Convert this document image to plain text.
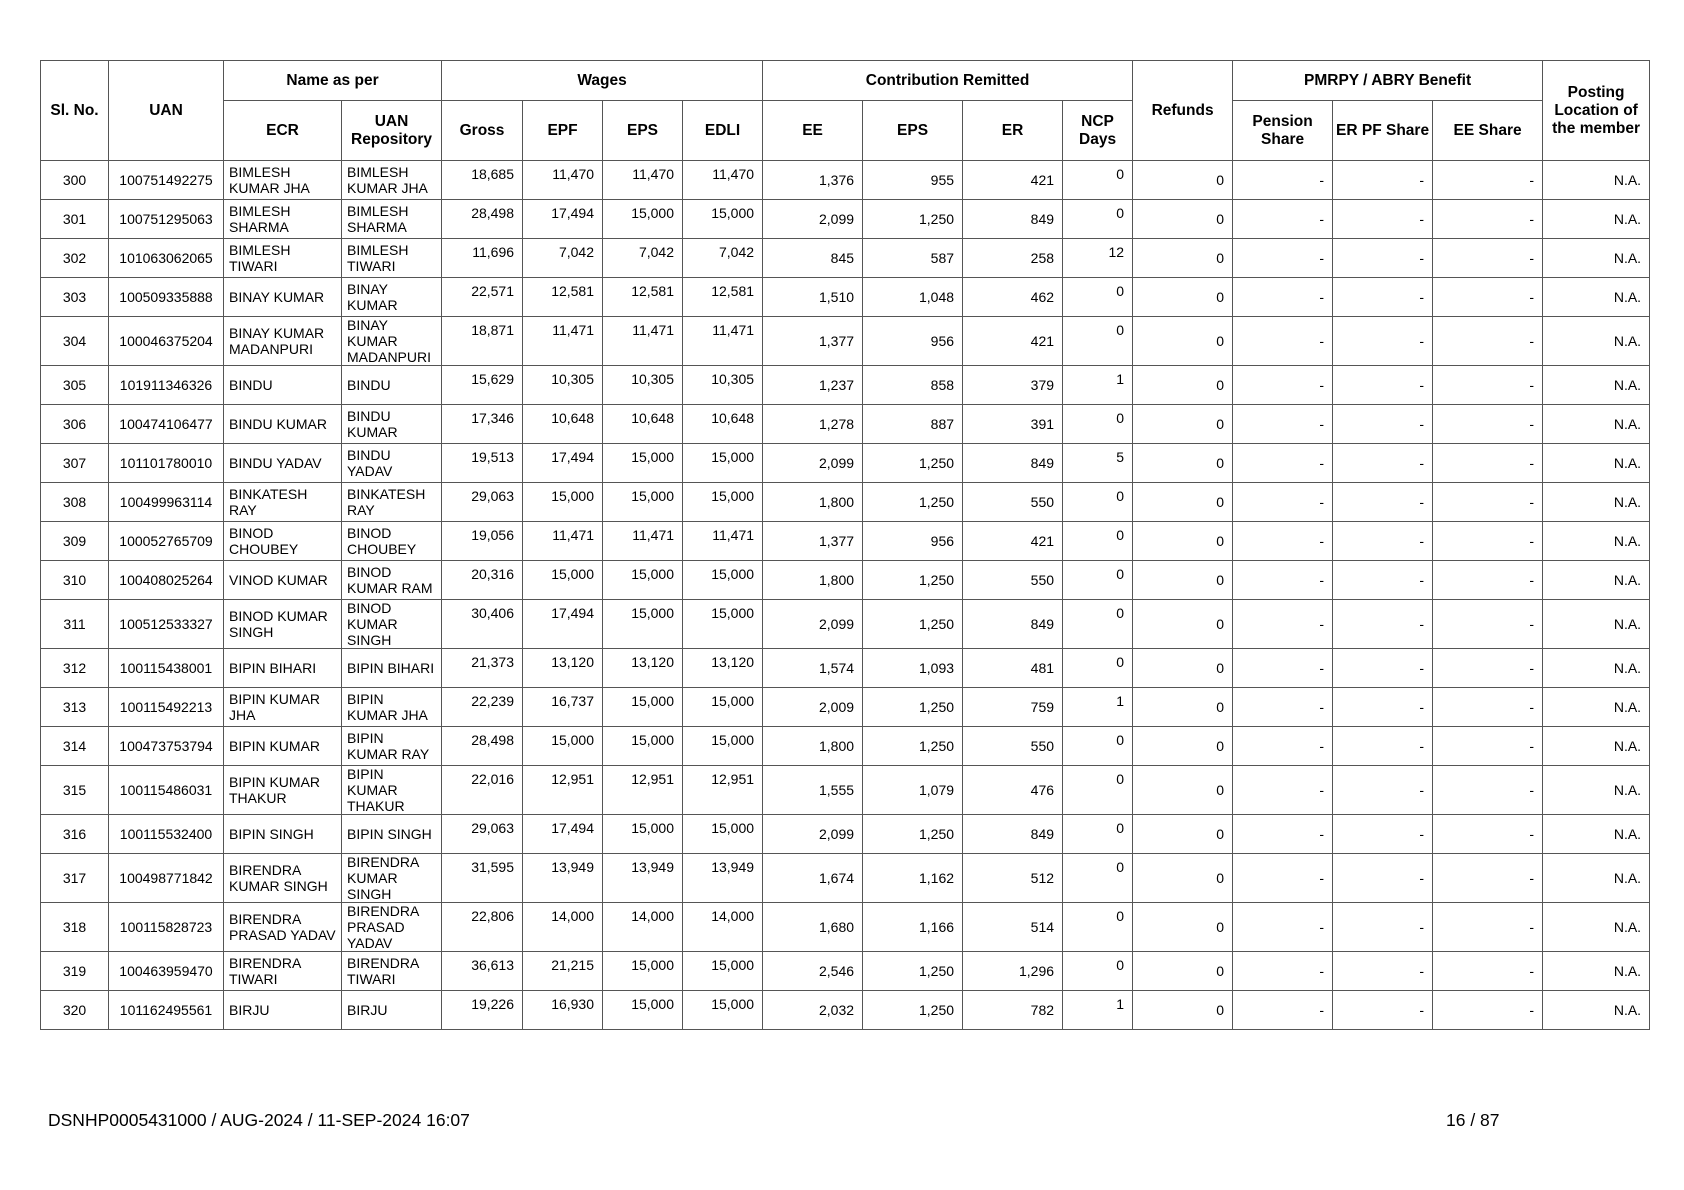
Sl. No.	UAN	Name as per		Wages				Contribution Remitted				Refunds	PMRPY / ABRY Benefit			Posting Location of the member
		ECR	UAN Repository	Gross	EPF	EPS	EDLI	EE	EPS	ER	NCP Days		Pension Share	ER PF Share	EE Share	
300	100751492275	BIMLESH KUMAR JHA	BIMLESH KUMAR JHA	18,685	11,470	11,470	11,470	1,376	955	421	0	0	-	-	-	N.A.
301	100751295063	BIMLESH SHARMA	BIMLESH SHARMA	28,498	17,494	15,000	15,000	2,099	1,250	849	0	0	-	-	-	N.A.
302	101063062065	BIMLESH TIWARI	BIMLESH TIWARI	11,696	7,042	7,042	7,042	845	587	258	12	0	-	-	-	N.A.
303	100509335888	BINAY KUMAR	BINAY KUMAR	22,571	12,581	12,581	12,581	1,510	1,048	462	0	0	-	-	-	N.A.
304	100046375204	BINAY KUMAR MADANPURI	BINAY KUMAR MADANPURI	18,871	11,471	11,471	11,471	1,377	956	421	0	0	-	-	-	N.A.
305	101911346326	BINDU	BINDU	15,629	10,305	10,305	10,305	1,237	858	379	1	0	-	-	-	N.A.
306	100474106477	BINDU KUMAR	BINDU KUMAR	17,346	10,648	10,648	10,648	1,278	887	391	0	0	-	-	-	N.A.
307	101101780010	BINDU YADAV	BINDU YADAV	19,513	17,494	15,000	15,000	2,099	1,250	849	5	0	-	-	-	N.A.
308	100499963114	BINKATESH RAY	BINKATESH RAY	29,063	15,000	15,000	15,000	1,800	1,250	550	0	0	-	-	-	N.A.
309	100052765709	BINOD CHOUBEY	BINOD CHOUBEY	19,056	11,471	11,471	11,471	1,377	956	421	0	0	-	-	-	N.A.
310	100408025264	VINOD KUMAR	BINOD KUMAR RAM	20,316	15,000	15,000	15,000	1,800	1,250	550	0	0	-	-	-	N.A.
311	100512533327	BINOD KUMAR SINGH	BINOD KUMAR SINGH	30,406	17,494	15,000	15,000	2,099	1,250	849	0	0	-	-	-	N.A.
312	100115438001	BIPIN BIHARI	BIPIN BIHARI	21,373	13,120	13,120	13,120	1,574	1,093	481	0	0	-	-	-	N.A.
313	100115492213	BIPIN KUMAR JHA	BIPIN KUMAR JHA	22,239	16,737	15,000	15,000	2,009	1,250	759	1	0	-	-	-	N.A.
314	100473753794	BIPIN KUMAR	BIPIN KUMAR RAY	28,498	15,000	15,000	15,000	1,800	1,250	550	0	0	-	-	-	N.A.
315	100115486031	BIPIN KUMAR THAKUR	BIPIN KUMAR THAKUR	22,016	12,951	12,951	12,951	1,555	1,079	476	0	0	-	-	-	N.A.
316	100115532400	BIPIN SINGH	BIPIN SINGH	29,063	17,494	15,000	15,000	2,099	1,250	849	0	0	-	-	-	N.A.
317	100498771842	BIRENDRA KUMAR SINGH	BIRENDRA KUMAR SINGH	31,595	13,949	13,949	13,949	1,674	1,162	512	0	0	-	-	-	N.A.
318	100115828723	BIRENDRA PRASAD YADAV	BIRENDRA PRASAD YADAV	22,806	14,000	14,000	14,000	1,680	1,166	514	0	0	-	-	-	N.A.
319	100463959470	BIRENDRA TIWARI	BIRENDRA TIWARI	36,613	21,215	15,000	15,000	2,546	1,250	1,296	0	0	-	-	-	N.A.
320	101162495561	BIRJU	BIRJU	19,226	16,930	15,000	15,000	2,032	1,250	782	1	0	-	-	-	N.A.
DSNHP0005431000 / AUG-2024 / 11-SEP-2024 16:07	16 / 87
